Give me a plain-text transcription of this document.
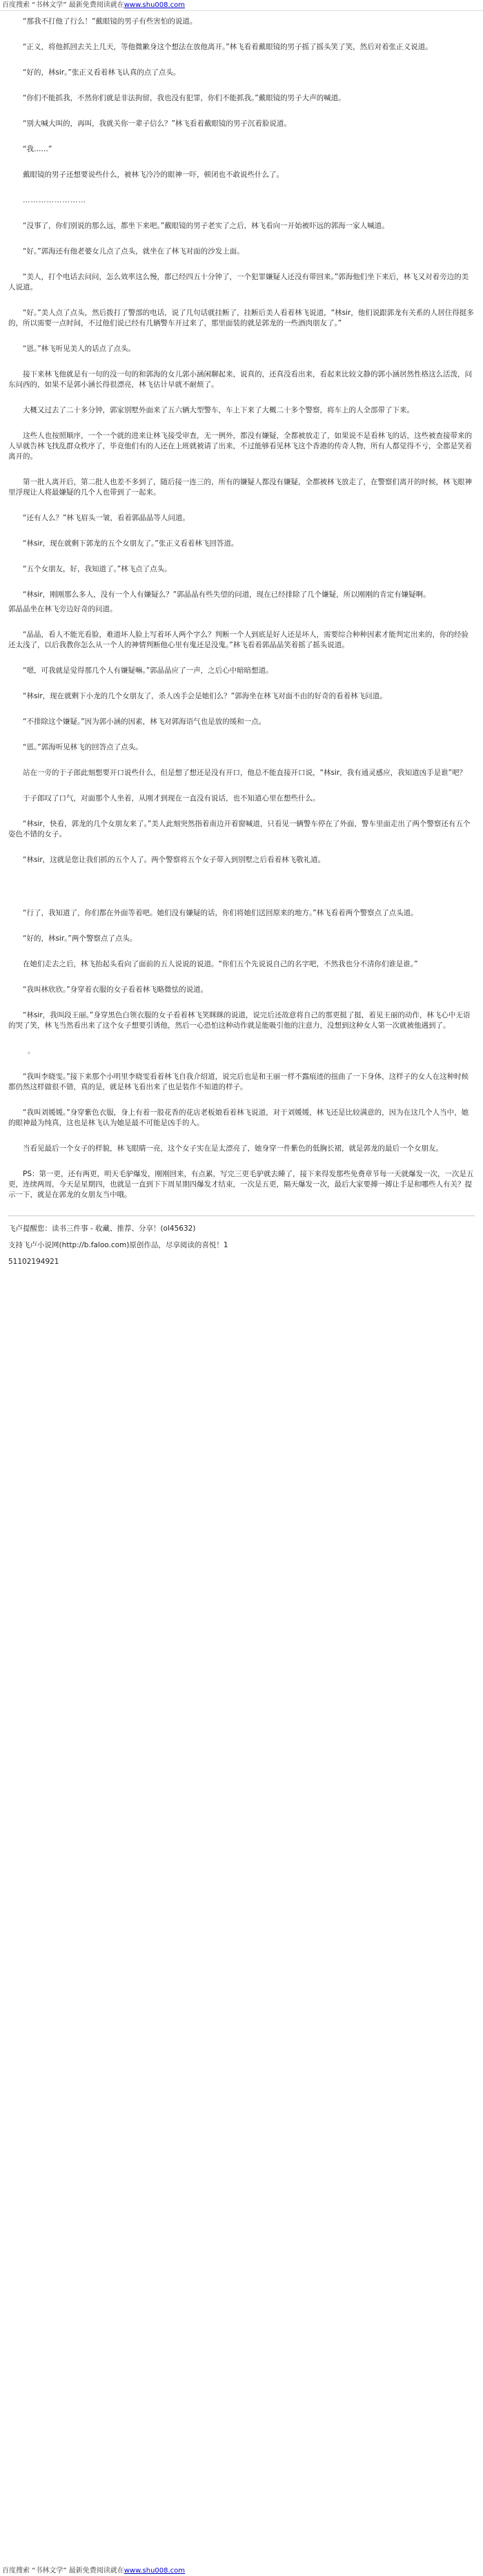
百度搜索 “书林文学” 最新免费阅读就在www.shu008.com

“那我不打他了行么！”戴眼镜的男子有些害怕的说道。

“正义，将他抓回去关上几天，等他微歉身这个想法在放他离开。”林飞看着戴眼镜的男子摇了摇头笑了笑，然后对着张正义说道。

“好的，林sir。”张正义看着林飞认真的点了点头。

“你们不能抓我，不然你们就是非法拘留，我也没有犯罪，你们不能抓我。”戴眼镜的男子大声的喊道。

“别大喊大叫的，再叫，我就关你一辈子信么？”林飞看着戴眼镜的男子沉着脸说道。

“我……”

戴眼镜的男子还想要说些什么，被林飞冷冷的眼神一吓，顿闭也不敢说些什么了。

……………………

“没事了，你们别说的那么远，都坐下来吧。”戴眼镜的男子老实了之后，林飞看向一开始被吓远的郭海一家人喊道。

“好。”郭海还有他老婆女儿点了点头，就坐在了林飞对面的沙发上面。

“美人，打个电话去问问，怎么效率这么慢，都已经四五十分钟了，一个犯罪嫌疑人还没有带回来。”郭海他们坐下来后，林飞又对着旁边的美人说道。

“好。”美人点了点头，然后拨打了警部的电话，说了几句话就挂断了，挂断后美人看着林飞说道，“林sir，他们说跟郭龙有关系的人居住得挺多的，所以需要一点时间，不过他们说已经有几辆警车开过来了，那里面装的就是郭龙的一些酒肉朋友了。”

“恩。”林飞听见美人的话点了点头。

接下来林飞他就是有一句的没一句的和郭海的女儿郭小涵闲聊起来，说真的，还真没看出来，看起来比较文静的郭小涵居然性格这么活泼，问东问西的，如果不是郭小涵长得很漂亮，林飞估计早就不耐烦了。

大概又过去了二十多分钟，郭家别墅外面来了五六辆大型警车，车上下来了大概二十多个警察，将车上的人全部带了下来。

这些人也按照顺序，一个一个就的进来让林飞接受审查，无一例外，都没有嫌疑，全都被放走了，如果说不是看林飞的话，这些被查接带来的人早就告林飞找乱群众秩序了，毕竟他们有的人还在上班就被请了出来，不过能够看见林飞这个香港的传奇人物，所有人都觉得不亏，全都是笑着离开的。

第一批人离开后，第二批人也差不多到了，随后接一连三的，所有的嫌疑人都没有嫌疑，全都被林飞放走了，在警察们离开的时候，林飞眼神里浮现让人将最嫌疑的几个人也带到了一起来。

“还有人么？”林飞眉头一皱，看着郭晶晶等人问道。

“林sir，现在就剩下郭龙的五个女朋友了。”张正义看着林飞回答道。

“五个女朋友，好，我知道了。”林飞点了点头。

“林sir，刚刚那么多人，没有一个人有嫌疑么？”郭晶晶有些失望的问道，现在已经排除了几个嫌疑，所以刚刚的肯定有嫌疑啊。

郭晶晶坐在林飞旁边好奇的问道。

“晶晶，看人不能光看脸，难道坏人脸上写着坏人两个字么？判断一个人到底是好人还是坏人，需要综合种种因素才能判定出来的，你的经验还太浅了，以后我教你怎么从一个人的神情判断他心里有鬼还是没鬼。”林飞看着郭晶晶笑着摇了摇头说道。

“嗯，可我就是觉得那几个人有嫌疑嘛。”郭晶晶应了一声，之后心中暗暗想道。

“林sir，现在就剩下小龙的几个女朋友了，杀人凶手会是她们么？”郭海坐在林飞对面不由的好奇的看着林飞问道。

“不排除这个嫌疑。”因为郭小涵的因素，林飞对郭海语气也是放的缓和一点。

“恩。”郭海听见林飞的回答点了点头。

站在一旁的于子郎此刻想要开口说些什么，但是想了想还是没有开口，他总不能直接开口说，“林sir，我有通灵感应，我知道凶手是谁”吧？

于子郎叹了口气，对面那个人坐着，从刚才到现在一直没有说话，也不知道心里在想些什么。

“林sir，快看，郭龙的几个女朋友来了。”美人此刻突然指着南边开着窗喊道，只看见一辆警车停在了外面，警车里面走出了两个警察还有五个姿色不错的女子。

“林sir，这就是您让我们抓的五个人了。两个警察将五个女子带入到别墅之后看着林飞敬礼道。

“行了，我知道了，你们都在外面等着吧。她们没有嫌疑的话，你们将她们送回原来的地方。”林飞看着两个警察点了点头道。

“好的，林sir。”两个警察点了点头。

在她们走去之后，林飞抬起头看向了面前的五人说说的说道。“你们五个先说说自己的名字吧，不然我也分不清你们谁是谁。”

“我叫林欣欣。”身穿着衣服的女子看着林飞略微怯的说道。

“林sir，我叫段王丽。”身穿黑色白领衣服的女子看着林飞笑眯眯的说道，说完后还故意将自己的那更挺了挺，着见王丽的动作，林飞心中无语的哭了笑，林飞当然看出来了这个女子想要引诱他，然后一心恐怕这种动作就是能吸引他的注意力，没想到这种女人第一次就被他遇到了。

。

“我叫李晓雯。”接下来那个小明里李晓雯看着林飞自我介绍道，说完后也是和王丽一样不露痕迹的扭曲了一下身体，这样子的女人在这种时候都仍然这样做很不错，真的是，就是林飞看出来了也是装作不知道的样子。

“我叫刘媛媛。”身穿紫色衣服，身上有着一股花香的花店老板娘看着林飞说道，对于刘媛媛，林飞还是比较满意的，因为在这几个人当中，她的眼神最为纯真，这也是林飞认为她是最不可能是凶手的人。

当看见最后一个女子的样貌，林飞眼睛一亮，这个女子实在是太漂亮了，她身穿一件紫色的低胸长裙，就是郭龙的最后一个女朋友。

PS：第一更，还有两更，明天毛驴爆发，刚刚回来，有点累，写完三更毛驴就去睡了，接下来得发那些免费章节每一天就爆发一次，一次是五更，连续两周，今天是星期四，也就是一直到下下周星期四爆发才结束，一次是五更，隔天爆发一次，最后大家要搏一搏让手是和哪些人有关？提示一下，就是在郭龙的女朋友当中哦。

飞卢提醒您：读书三件事 - 收藏、推荐、分享！(ol45632)

支持飞卢小说网(http://b.faloo.com)原创作品，尽享阅读的喜悦！1

51102194921

百度搜索 “书林文学” 最新免费阅读就在www.shu008.com
